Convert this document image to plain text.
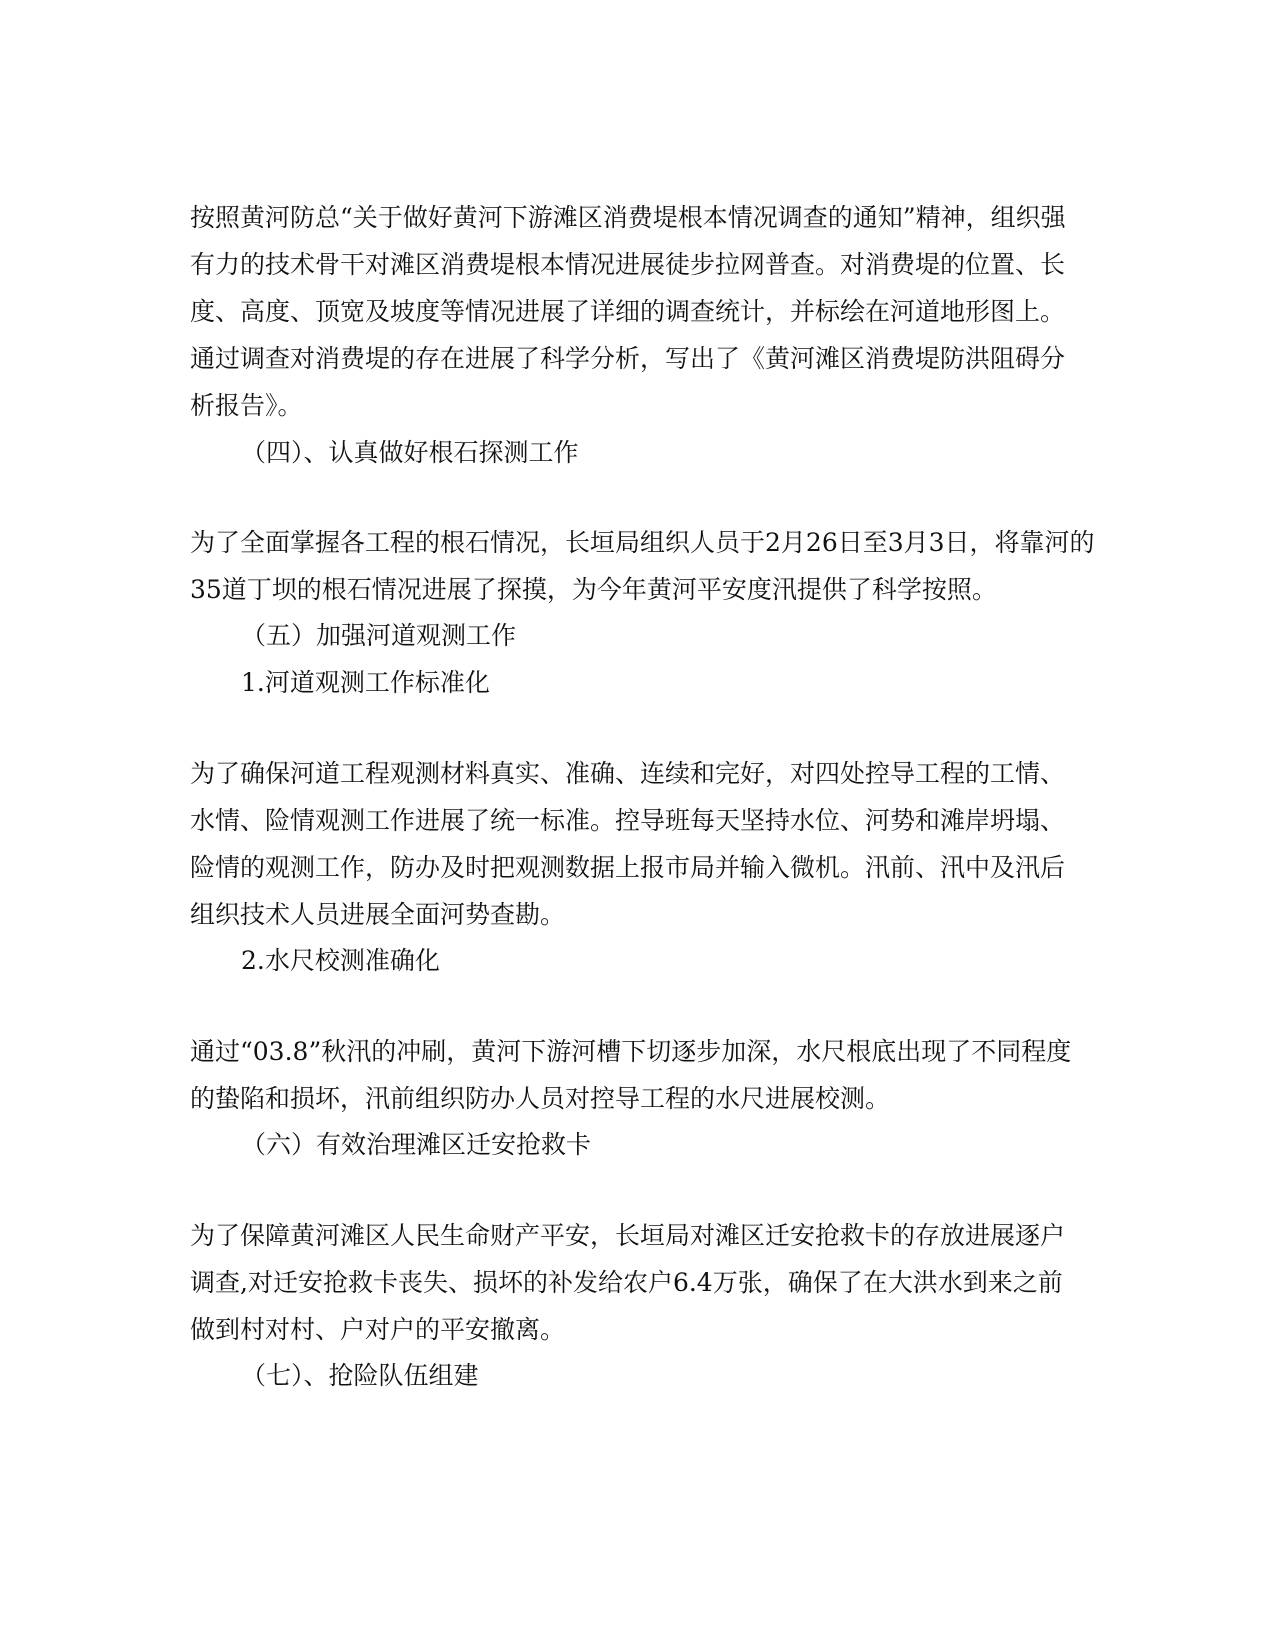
按照黄河防总“关于做好黄河下游滩区消费堤根本情况调查的通知”精神，组织强
有力的技术骨干对滩区消费堤根本情况进展徒步拉网普查。对消费堤的位置、长
度、高度、顶宽及坡度等情况进展了详细的调查统计，并标绘在河道地形图上。
通过调查对消费堤的存在进展了科学分析，写出了《黄河滩区消费堤防洪阻碍分
析报告》。
（四）、认真做好根石探测工作
为了全面掌握各工程的根石情况，长垣局组织人员于2月26日至3月3日，将靠河的
35道丁坝的根石情况进展了探摸，为今年黄河平安度汛提供了科学按照。
（五）加强河道观测工作
1.河道观测工作标准化
为了确保河道工程观测材料真实、准确、连续和完好，对四处控导工程的工情、
水情、险情观测工作进展了统一标准。控导班每天坚持水位、河势和滩岸坍塌、
险情的观测工作，防办及时把观测数据上报市局并输入微机。汛前、汛中及汛后
组织技术人员进展全面河势查勘。
2.水尺校测准确化
通过“03.8”秋汛的冲刷，黄河下游河槽下切逐步加深，水尺根底出现了不同程度
的蛰陷和损坏，汛前组织防办人员对控导工程的水尺进展校测。
（六）有效治理滩区迁安抢救卡
为了保障黄河滩区人民生命财产平安，长垣局对滩区迁安抢救卡的存放进展逐户
调查,对迁安抢救卡丧失、损坏的补发给农户6.4万张，确保了在大洪水到来之前
做到村对村、户对户的平安撤离。
（七）、抢险队伍组建
